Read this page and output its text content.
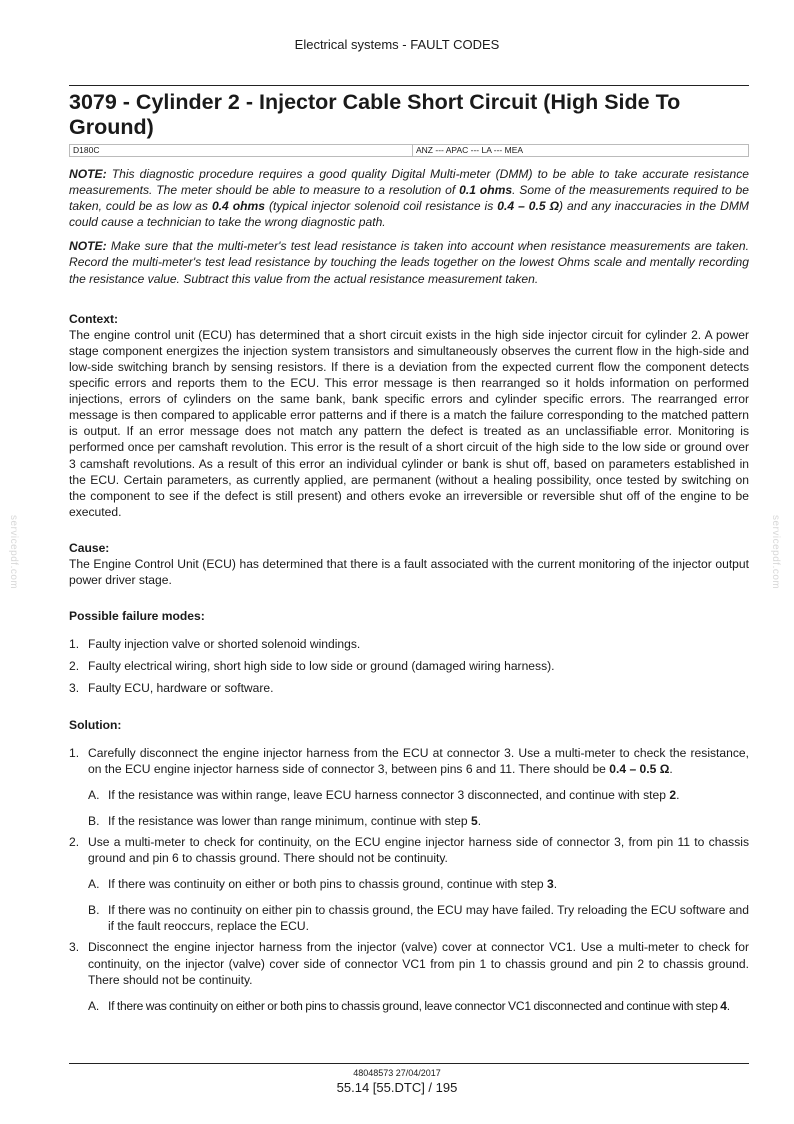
Electrical systems - FAULT CODES
3079 - Cylinder 2 - Injector Cable Short Circuit (High Side To Ground)
D180C	ANZ --- APAC --- LA --- MEA

NOTE: This diagnostic procedure requires a good quality Digital Multi-meter (DMM) to be able to take accurate resistance measurements. The meter should be able to measure to a resolution of 0.1 ohms. Some of the measurements required to be taken, could be as low as 0.4 ohms (typical injector solenoid coil resistance is 0.4 – 0.5 Ω) and any inaccuracies in the DMM could cause a technician to take the wrong diagnostic path.

NOTE: Make sure that the multi-meter's test lead resistance is taken into account when resistance measurements are taken. Record the multi-meter's test lead resistance by touching the leads together on the lowest Ohms scale and mentally recording the resistance value. Subtract this value from the actual resistance measurement taken.

Context:

The engine control unit (ECU) has determined that a short circuit exists in the high side injector circuit for cylinder 2. A power stage component energizes the injection system transistors and simultaneously observes the current flow in the high-side and low-side switching branch by sensing resistors. If there is a deviation from the expected current flow the component detects specific errors and reports them to the ECU. This error message is then rearranged so it holds information on performed injections, errors of cylinders on the same bank, bank specific errors and cylinder specific errors. The rearranged error message is then compared to applicable error patterns and if there is a match the failure corresponding to the matched pattern is output. If an error message does not match any pattern the defect is treated as an unclassifiable error. Monitoring is performed once per camshaft revolution. This error is the result of a short circuit of the high side to the low side or ground over 3 camshaft revolutions. As a result of this error an individual cylinder or bank is shut off, based on parameters established in the ECU. Certain parameters, as currently applied, are permanent (without a healing possibility, once tested by switching on the component to see if the defect is still present) and others evoke an irreversible or reversible shut off of the engine to be executed.

Cause:

The Engine Control Unit (ECU) has determined that there is a fault associated with the current monitoring of the injector output power driver stage.

Possible failure modes:

1. Faulty injection valve or shorted solenoid windings.
2. Faulty electrical wiring, short high side to low side or ground (damaged wiring harness).
3. Faulty ECU, hardware or software.

Solution:

1. Carefully disconnect the engine injector harness from the ECU at connector 3. Use a multi-meter to check the resistance, on the ECU engine injector harness side of connector 3, between pins 6 and 11. There should be 0.4 – 0.5 Ω.

A. If the resistance was within range, leave ECU harness connector 3 disconnected, and continue with step 2.
B. If the resistance was lower than range minimum, continue with step 5.
2. Use a multi-meter to check for continuity, on the ECU engine injector harness side of connector 3, from pin 11 to chassis ground and pin 6 to chassis ground. There should not be continuity.

A. If there was continuity on either or both pins to chassis ground, continue with step 3.
B. If there was no continuity on either pin to chassis ground, the ECU may have failed. Try reloading the ECU software and if the fault reoccurs, replace the ECU.
3. Disconnect the engine injector harness from the injector (valve) cover at connector VC1. Use a multi-meter to check for continuity, on the injector (valve) cover side of connector VC1 from pin 1 to chassis ground and pin 2 to chassis ground. There should not be continuity.

A. If there was continuity on either or both pins to chassis ground, leave connector VC1 disconnected and continue with step 4.
servicepdf.com	servicepdf.com
48048573 27/04/2017
55.14 [55.DTC] / 195
